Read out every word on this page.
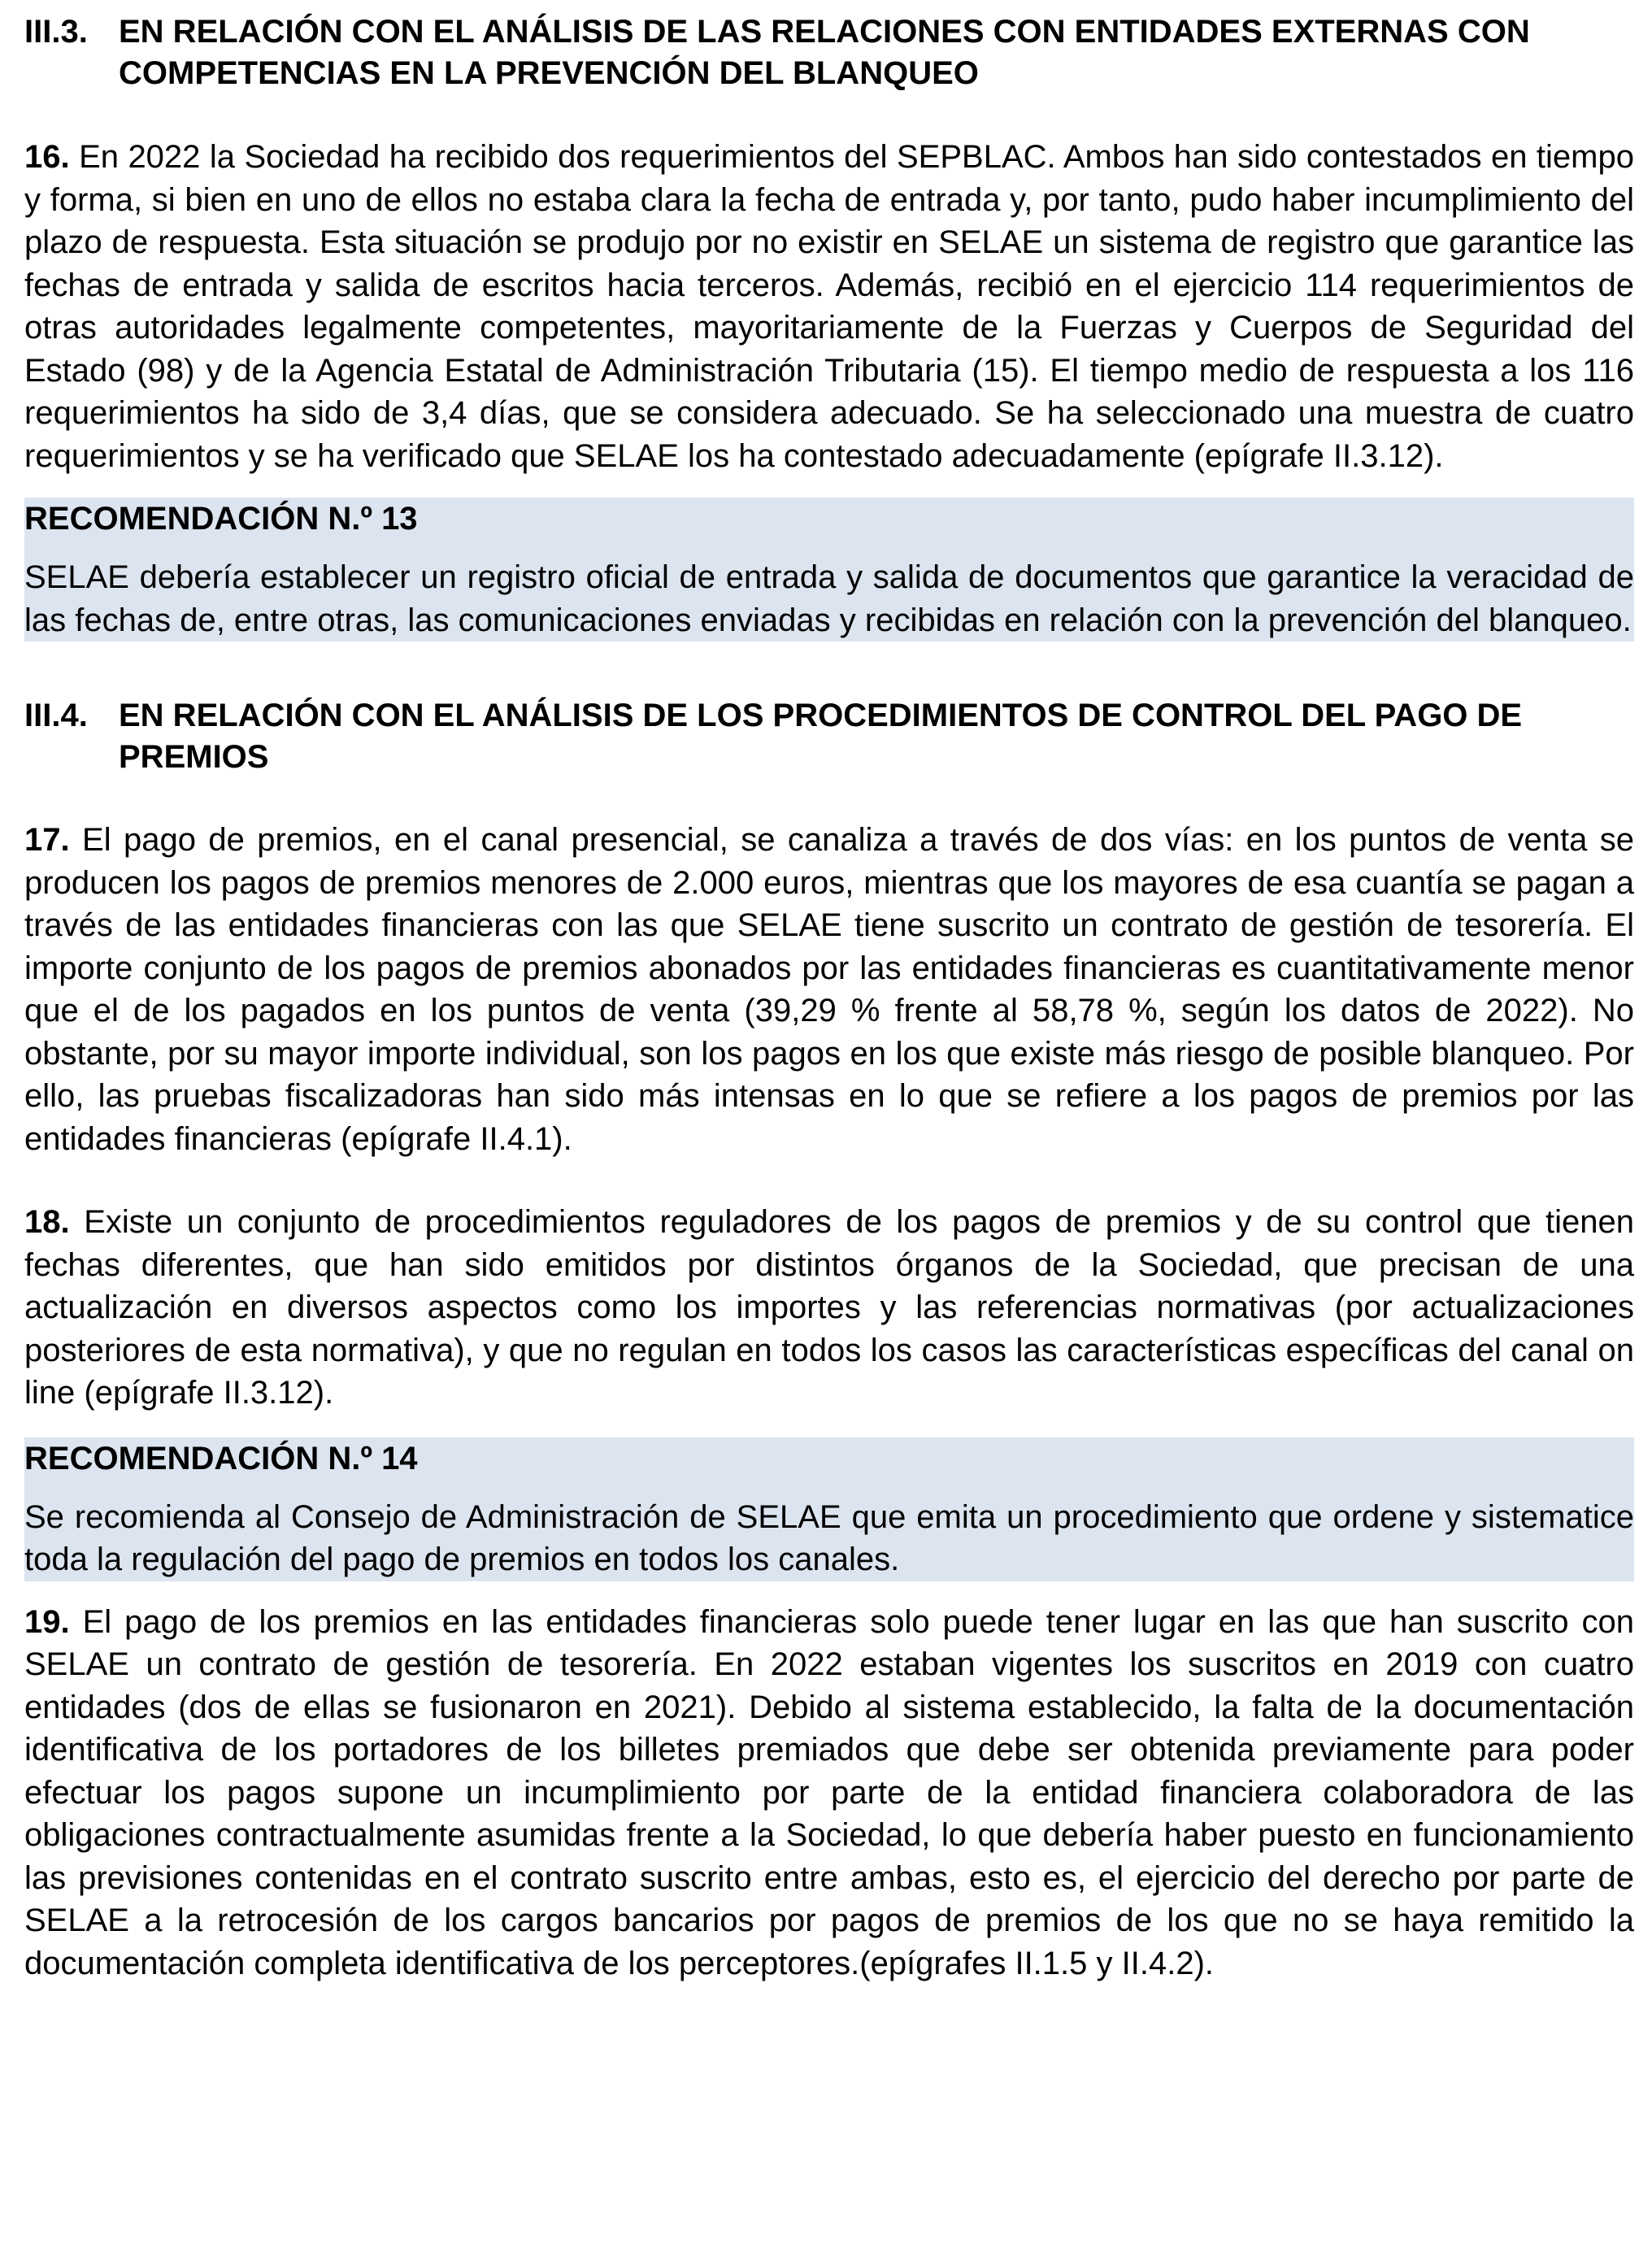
III.3. EN RELACIÓN CON EL ANÁLISIS DE LAS RELACIONES CON ENTIDADES EXTERNAS CON COMPETENCIAS EN LA PREVENCIÓN DEL BLANQUEO

16. En 2022 la Sociedad ha recibido dos requerimientos del SEPBLAC. Ambos han sido contestados en tiempo y forma, si bien en uno de ellos no estaba clara la fecha de entrada y, por tanto, pudo haber incumplimiento del plazo de respuesta. Esta situación se produjo por no existir en SELAE un sistema de registro que garantice las fechas de entrada y salida de escritos hacia terceros. Además, recibió en el ejercicio 114 requerimientos de otras autoridades legalmente competentes, mayoritariamente de la Fuerzas y Cuerpos de Seguridad del Estado (98) y de la Agencia Estatal de Administración Tributaria (15). El tiempo medio de respuesta a los 116 requerimientos ha sido de 3,4 días, que se considera adecuado. Se ha seleccionado una muestra de cuatro requerimientos y se ha verificado que SELAE los ha contestado adecuadamente (epígrafe II.3.12).

RECOMENDACIÓN N.º 13
SELAE debería establecer un registro oficial de entrada y salida de documentos que garantice la veracidad de las fechas de, entre otras, las comunicaciones enviadas y recibidas en relación con la prevención del blanqueo.
III.4. EN RELACIÓN CON EL ANÁLISIS DE LOS PROCEDIMIENTOS DE CONTROL DEL PAGO DE PREMIOS

17. El pago de premios, en el canal presencial, se canaliza a través de dos vías: en los puntos de venta se producen los pagos de premios menores de 2.000 euros, mientras que los mayores de esa cuantía se pagan a través de las entidades financieras con las que SELAE tiene suscrito un contrato de gestión de tesorería. El importe conjunto de los pagos de premios abonados por las entidades financieras es cuantitativamente menor que el de los pagados en los puntos de venta (39,29 % frente al 58,78 %, según los datos de 2022). No obstante, por su mayor importe individual, son los pagos en los que existe más riesgo de posible blanqueo. Por ello, las pruebas fiscalizadoras han sido más intensas en lo que se refiere a los pagos de premios por las entidades financieras (epígrafe II.4.1).

18. Existe un conjunto de procedimientos reguladores de los pagos de premios y de su control que tienen fechas diferentes, que han sido emitidos por distintos órganos de la Sociedad, que precisan de una actualización en diversos aspectos como los importes y las referencias normativas (por actualizaciones posteriores de esta normativa), y que no regulan en todos los casos las características específicas del canal on line (epígrafe II.3.12).

RECOMENDACIÓN N.º 14
Se recomienda al Consejo de Administración de SELAE que emita un procedimiento que ordene y sistematice toda la regulación del pago de premios en todos los canales.

19. El pago de los premios en las entidades financieras solo puede tener lugar en las que han suscrito con SELAE un contrato de gestión de tesorería. En 2022 estaban vigentes los suscritos en 2019 con cuatro entidades (dos de ellas se fusionaron en 2021). Debido al sistema establecido, la falta de la documentación identificativa de los portadores de los billetes premiados que debe ser obtenida previamente para poder efectuar los pagos supone un incumplimiento por parte de la entidad financiera colaboradora de las obligaciones contractualmente asumidas frente a la Sociedad, lo que debería haber puesto en funcionamiento las previsiones contenidas en el contrato suscrito entre ambas, esto es, el ejercicio del derecho por parte de SELAE a la retrocesión de los cargos bancarios por pagos de premios de los que no se haya remitido la documentación completa identificativa de los perceptores.(epígrafes II.1.5 y II.4.2).
